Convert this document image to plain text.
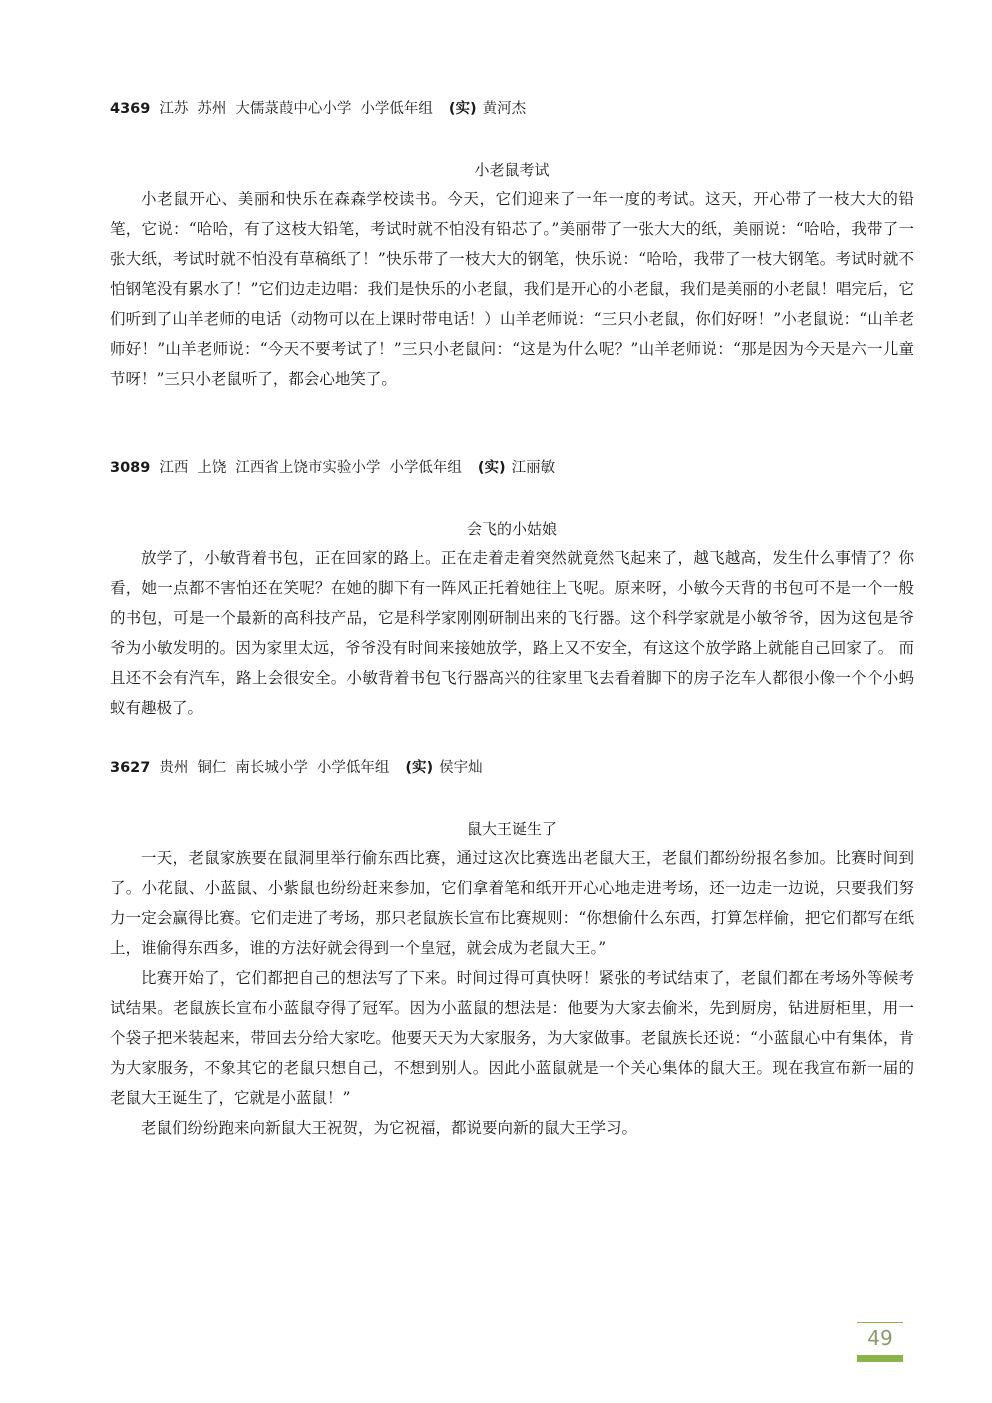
4369 江苏 苏州 大儒菉葭中心小学 小学低年组 (实) 黄河杰
小老鼠考试

小老鼠开心、美丽和快乐在森森学校读书。今天，它们迎来了一年一度的考试。这天，开心带了一枝大大的铅笔，它说：“哈哈，有了这枝大铅笔，考试时就不怕没有铅芯了。”美丽带了一张大大的纸，美丽说：“哈哈，我带了一张大纸，考试时就不怕没有草稿纸了！”快乐带了一枝大大的钢笔，快乐说：“哈哈，我带了一枝大钢笔。考试时就不怕钢笔没有累水了！”它们边走边唱：我们是快乐的小老鼠，我们是开心的小老鼠，我们是美丽的小老鼠！唱完后，它们听到了山羊老师的电话（动物可以在上课时带电话！）山羊老师说：“三只小老鼠，你们好呀！”小老鼠说：“山羊老师好！”山羊老师说：“今天不要考试了！”三只小老鼠问：“这是为什么呢？”山羊老师说：“那是因为今天是六一儿童节呀！”三只小老鼠听了，都会心地笑了。

3089 江西 上饶 江西省上饶市实验小学 小学低年组 (实) 江丽敏
会飞的小姑娘

放学了，小敏背着书包，正在回家的路上。正在走着走着突然就竟然飞起来了，越飞越高，发生什么事情了？你看，她一点都不害怕还在笑呢？在她的脚下有一阵风正托着她往上飞呢。原来呀，小敏今天背的书包可不是一个一般的书包，可是一个最新的高科技产品，它是科学家刚刚研制出来的飞行器。这个科学家就是小敏爷爷，因为这包是爷爷为小敏发明的。因为家里太远，爷爷没有时间来接她放学，路上又不安全，有这这个放学路上就能自己回家了。 而且还不会有汽车，路上会很安全。小敏背着书包飞行器高兴的往家里飞去看着脚下的房子汔车人都很小像一个个小蚂蚁有趣极了。

3627 贵州 铜仁 南长城小学 小学低年组 (实) 侯宇灿
鼠大王诞生了

一天，老鼠家族要在鼠洞里举行偷东西比赛，通过这次比赛选出老鼠大王，老鼠们都纷纷报名参加。比赛时间到了。小花鼠、小蓝鼠、小紫鼠也纷纷赶来参加，它们拿着笔和纸开开心心地走进考场，还一边走一边说，只要我们努力一定会赢得比赛。它们走进了考场，那只老鼠族长宣布比赛规则：“你想偷什么东西，打算怎样偷，把它们都写在纸上，谁偷得东西多，谁的方法好就会得到一个皇冠，就会成为老鼠大王。”

比赛开始了，它们都把自己的想法写了下来。时间过得可真快呀！紧张的考试结束了，老鼠们都在考场外等候考试结果。老鼠族长宣布小蓝鼠夺得了冠军。因为小蓝鼠的想法是：他要为大家去偷米，先到厨房，钻进厨柜里，用一个袋子把米装起来，带回去分给大家吃。他要天天为大家服务，为大家做事。老鼠族长还说：“小蓝鼠心中有集体，肯为大家服务，不象其它的老鼠只想自己，不想到别人。因此小蓝鼠就是一个关心集体的鼠大王。现在我宣布新一届的老鼠大王诞生了，它就是小蓝鼠！”

老鼠们纷纷跑来向新鼠大王祝贺，为它祝福，都说要向新的鼠大王学习。

49
